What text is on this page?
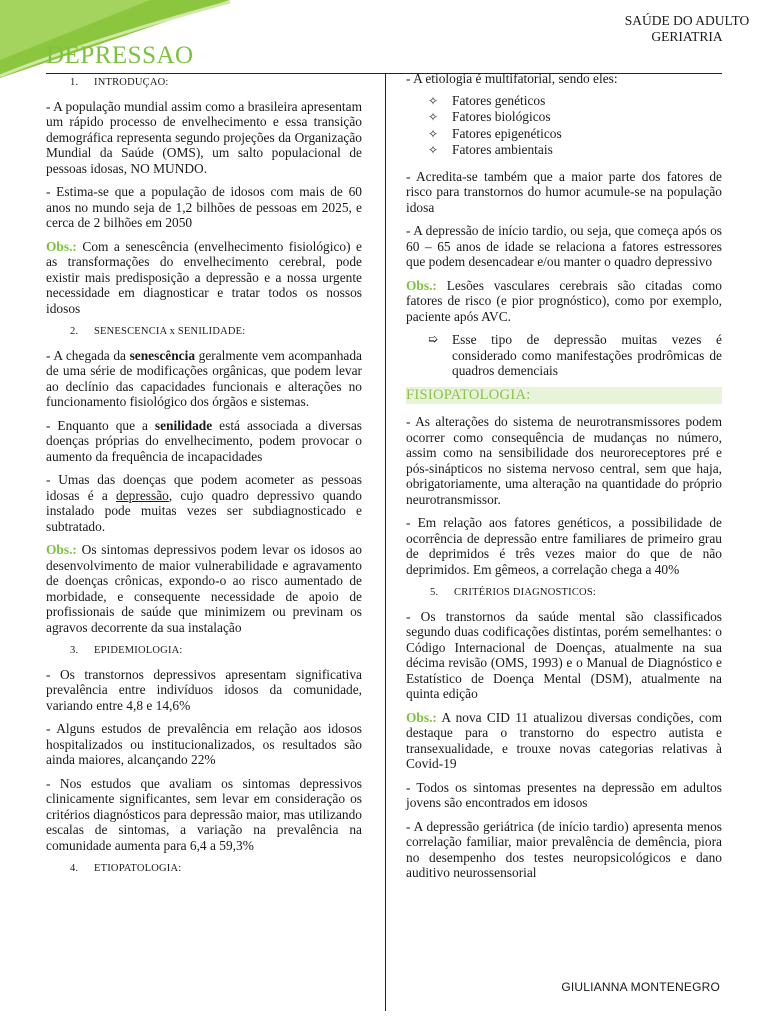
SAÚDE DO ADULTO
GERIATRIA
DEPRESSAO
1. INTRODUÇAO:

- A população mundial assim como a brasileira apresentam um rápido processo de envelhecimento e essa transição demográfica representa segundo projeções da Organização Mundial da Saúde (OMS), um salto populacional de pessoas idosas, NO MUNDO.

- Estima-se que a população de idosos com mais de 60 anos no mundo seja de 1,2 bilhões de pessoas em 2025, e cerca de 2 bilhões em 2050

Obs.: Com a senescência (envelhecimento fisiológico) e as transformações do envelhecimento cerebral, pode existir mais predisposição a depressão e a nossa urgente necessidade em diagnosticar e tratar todos os nossos idosos

2. SENESCENCIA x SENILIDADE:

- A chegada da senescência geralmente vem acompanhada de uma série de modificações orgânicas, que podem levar ao declínio das capacidades funcionais e alterações no funcionamento fisiológico dos órgãos e sistemas.

- Enquanto que a senilidade está associada a diversas doenças próprias do envelhecimento, podem provocar o aumento da frequência de incapacidades

- Umas das doenças que podem acometer as pessoas idosas é a depressão, cujo quadro depressivo quando instalado pode muitas vezes ser subdiagnosticado e subtratado.

Obs.: Os sintomas depressivos podem levar os idosos ao desenvolvimento de maior vulnerabilidade e agravamento de doenças crônicas, expondo-o ao risco aumentado de morbidade, e consequente necessidade de apoio de profissionais de saúde que minimizem ou previnam os agravos decorrente da sua instalação

3. EPIDEMIOLOGIA:

- Os transtornos depressivos apresentam significativa prevalência entre indivíduos idosos da comunidade, variando entre 4,8 e 14,6%

- Alguns estudos de prevalência em relação aos idosos hospitalizados ou institucionalizados, os resultados são ainda maiores, alcançando 22%

- Nos estudos que avaliam os sintomas depressivos clinicamente significantes, sem levar em consideração os critérios diagnósticos para depressão maior, mas utilizando escalas de sintomas, a variação na prevalência na comunidade aumenta para 6,4 a 59,3%

4. ETIOPATOLOGIA:

- A etiologia é multifatorial, sendo eles:

✧ Fatores genéticos
✧ Fatores biológicos
✧ Fatores epigenéticos
✧ Fatores ambientais

- Acredita-se também que a maior parte dos fatores de risco para transtornos do humor acumule-se na população idosa

- A depressão de início tardio, ou seja, que começa após os 60 – 65 anos de idade se relaciona a fatores estressores que podem desencadear e/ou manter o quadro depressivo

Obs.: Lesões vasculares cerebrais são citadas como fatores de risco (e pior prognóstico), como por exemplo, paciente após AVC.

➯	Esse tipo de depressão muitas vezes é considerado como manifestações prodrômicas de quadros demenciais
FISIOPATOLOGIA:

- As alterações do sistema de neurotransmissores podem ocorrer como consequência de mudanças no número, assim como na sensibilidade dos neuroreceptores pré e pós-sinápticos no sistema nervoso central, sem que haja, obrigatoriamente, uma alteração na quantidade do próprio neurotransmissor.

- Em relação aos fatores genéticos, a possibilidade de ocorrência de depressão entre familiares de primeiro grau de deprimidos é três vezes maior do que de não deprimidos. Em gêmeos, a correlação chega a 40%

5. CRITÉRIOS DIAGNOSTICOS:

- Os transtornos da saúde mental são classificados segundo duas codificações distintas, porém semelhantes: o Código Internacional de Doenças, atualmente na sua décima revisão (OMS, 1993) e o Manual de Diagnóstico e Estatístico de Doença Mental (DSM), atualmente na quinta edição

Obs.: A nova CID 11 atualizou diversas condições, com destaque para o transtorno do espectro autista e transexualidade, e trouxe novas categorias relativas à Covid-19

- Todos os sintomas presentes na depressão em adultos jovens são encontrados em idosos

- A depressão geriátrica (de início tardio) apresenta menos correlação familiar, maior prevalência de demência, piora no desempenho dos testes neuropsicológicos e dano auditivo neurossensorial

GIULIANNA MONTENEGRO
